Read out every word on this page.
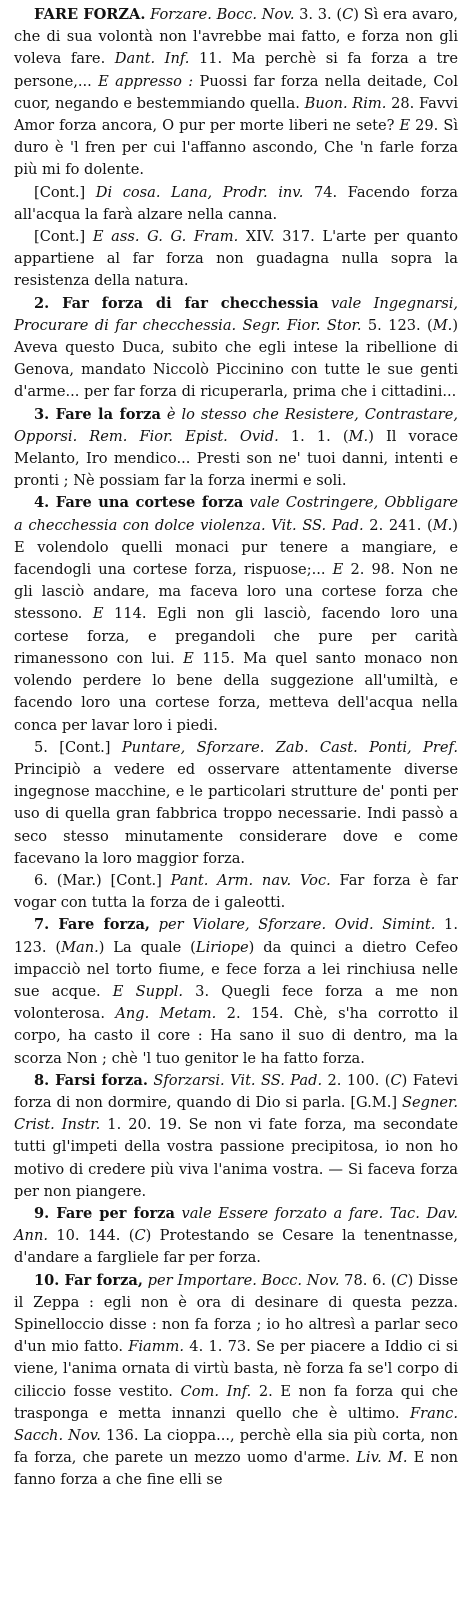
FARE FORZA. Forzare. Bocc. Nov. 3. 3. (C) Sì era avaro, che di sua volontà non l'avrebbe mai fatto, e forza non gli voleva fare. Dant. Inf. 11. Ma perchè si fa forza a tre persone,... E appresso : Puossi far forza nella deitade, Col cuor, negando e bestemmiando quella. Buon. Rim. 28. Favvi Amor forza ancora, O pur per morte liberi ne sete? E 29. Sì duro è 'l fren per cui l'affanno ascondo, Che 'n farle forza più mi fo dolente.

[Cont.] Di cosa. Lana, Prodr. inv. 74. Facendo forza all'acqua la farà alzare nella canna.

[Cont.] E ass. G. G. Fram. XIV. 317. L'arte per quanto appartiene al far forza non guadagna nulla sopra la resistenza della natura.

2. Far forza di far checchessia vale Ingegnarsi, Procurare di far checchessia. Segr. Fior. Stor. 5. 123. (M.) Aveva questo Duca, subito che egli intese la ribellione di Genova, mandato Niccolò Piccinino con tutte le sue genti d'arme... per far forza di ricuperarla, prima che i cittadini...

3. Fare la forza è lo stesso che Resistere, Contrastare, Opporsi. Rem. Fior. Epist. Ovid. 1. 1. (M.) Il vorace Melanto, Iro mendico... Presti son ne' tuoi danni, intenti e pronti ; Nè possiam far la forza inermi e soli.

4. Fare una cortese forza vale Costringere, Obbligare a checchessia con dolce violenza. Vit. SS. Pad. 2. 241. (M.) E volendolo quelli monaci pur tenere a mangiare, e facendogli una cortese forza, rispuose;... E 2. 98. Non ne gli lasciò andare, ma faceva loro una cortese forza che stessono. E 114. Egli non gli lasciò, facendo loro una cortese forza, e pregandoli che pure per carità rimanessono con lui. E 115. Ma quel santo monaco non volendo perdere lo bene della suggezione all'umiltà, e facendo loro una cortese forza, metteva dell'acqua nella conca per lavar loro i piedi.

5. [Cont.] Puntare, Sforzare. Zab. Cast. Ponti, Pref. Principiò a vedere ed osservare attentamente diverse ingegnose macchine, e le particolari strutture de' ponti per uso di quella gran fabbrica troppo necessarie. Indi passò a seco stesso minutamente considerare dove e come facevano la loro maggior forza.

6. (Mar.) [Cont.] Pant. Arm. nav. Voc. Far forza è far vogar con tutta la forza de i galeotti.

7. Fare forza, per Violare, Sforzare. Ovid. Simint. 1. 123. (Man.) La quale (Liriope) da quinci a dietro Cefeo impacciò nel torto fiume, e fece forza a lei rinchiusa nelle sue acque. E Suppl. 3. Quegli fece forza a me non volonterosa. Ang. Metam. 2. 154. Chè, s'ha corrotto il corpo, ha casto il core : Ha sano il suo di dentro, ma la scorza Non ; chè 'l tuo genitor le ha fatto forza.

8. Farsi forza. Sforzarsi. Vit. SS. Pad. 2. 100. (C) Fatevi forza di non dormire, quando di Dio si parla. [G.M.] Segner. Crist. Instr. 1. 20. 19. Se non vi fate forza, ma secondate tutti gl'impeti della vostra passione precipitosa, io non ho motivo di credere più viva l'anima vostra. — Si faceva forza per non piangere.

9. Fare per forza vale Essere forzato a fare. Tac. Dav. Ann. 10. 144. (C) Protestando se Cesare la tenentnasse, d'andare a fargliele far per forza.

10. Far forza, per Importare. Bocc. Nov. 78. 6. (C) Disse il Zeppa : egli non è ora di desinare di questa pezza. Spinelloccio disse : non fa forza ; io ho altresì a parlar seco d'un mio fatto. Fiamm. 4. 1. 73. Se per piacere a Iddio ci si viene, l'anima ornata di virtù basta, nè forza fa se'l corpo di ciliccio fosse vestito. Com. Inf. 2. E non fa forza qui che trasponga e metta innanzi quello che è ultimo. Franc. Sacch. Nov. 136. La cioppa..., perchè ella sia più corta, non fa forza, che parete un mezzo uomo d'arme. Liv. M. E non fanno forza a che fine elli se
